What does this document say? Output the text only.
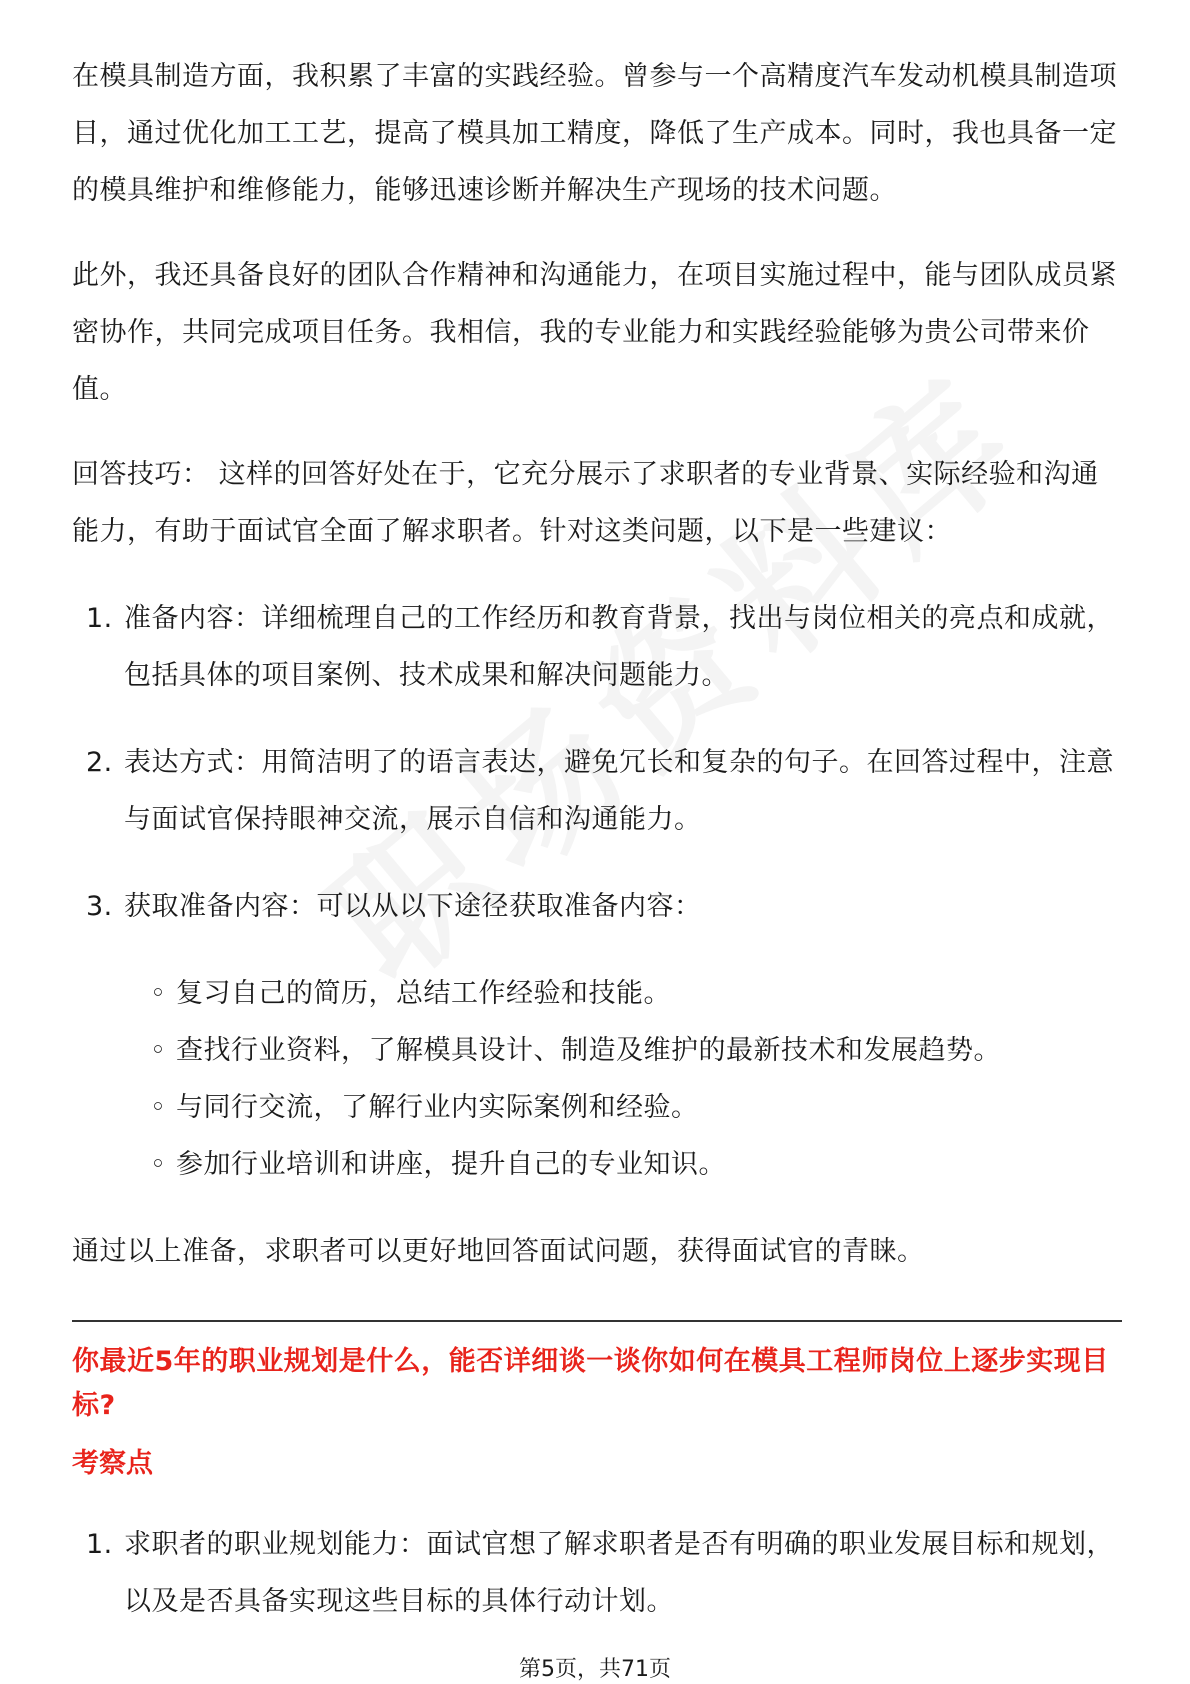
在模具制造方面，我积累了丰富的实践经验。曾参与一个高精度汽车发动机模具制造项目，通过优化加工工艺，提高了模具加工精度，降低了生产成本。同时，我也具备一定的模具维护和维修能力，能够迅速诊断并解决生产现场的技术问题。

此外，我还具备良好的团队合作精神和沟通能力，在项目实施过程中，能与团队成员紧密协作，共同完成项目任务。我相信，我的专业能力和实践经验能够为贵公司带来价值。

回答技巧： 这样的回答好处在于，它充分展示了求职者的专业背景、实际经验和沟通能力，有助于面试官全面了解求职者。针对这类问题，以下是一些建议：

1. 准备内容：详细梳理自己的工作经历和教育背景，找出与岗位相关的亮点和成就，包括具体的项目案例、技术成果和解决问题能力。
2. 表达方式：用简洁明了的语言表达，避免冗长和复杂的句子。在回答过程中，注意与面试官保持眼神交流，展示自信和沟通能力。
3. 获取准备内容：可以从以下途径获取准备内容：
◦ 复习自己的简历，总结工作经验和技能。
◦ 查找行业资料，了解模具设计、制造及维护的最新技术和发展趋势。
◦ 与同行交流，了解行业内实际案例和经验。
◦ 参加行业培训和讲座，提升自己的专业知识。

通过以上准备，求职者可以更好地回答面试问题，获得面试官的青睐。

你最近5年的职业规划是什么，能否详细谈一谈你如何在模具工程师岗位上逐步实现目标?

考察点

1. 求职者的职业规划能力：面试官想了解求职者是否有明确的职业发展目标和规划，以及是否具备实现这些目标的具体行动计划。
第5页，共71页
